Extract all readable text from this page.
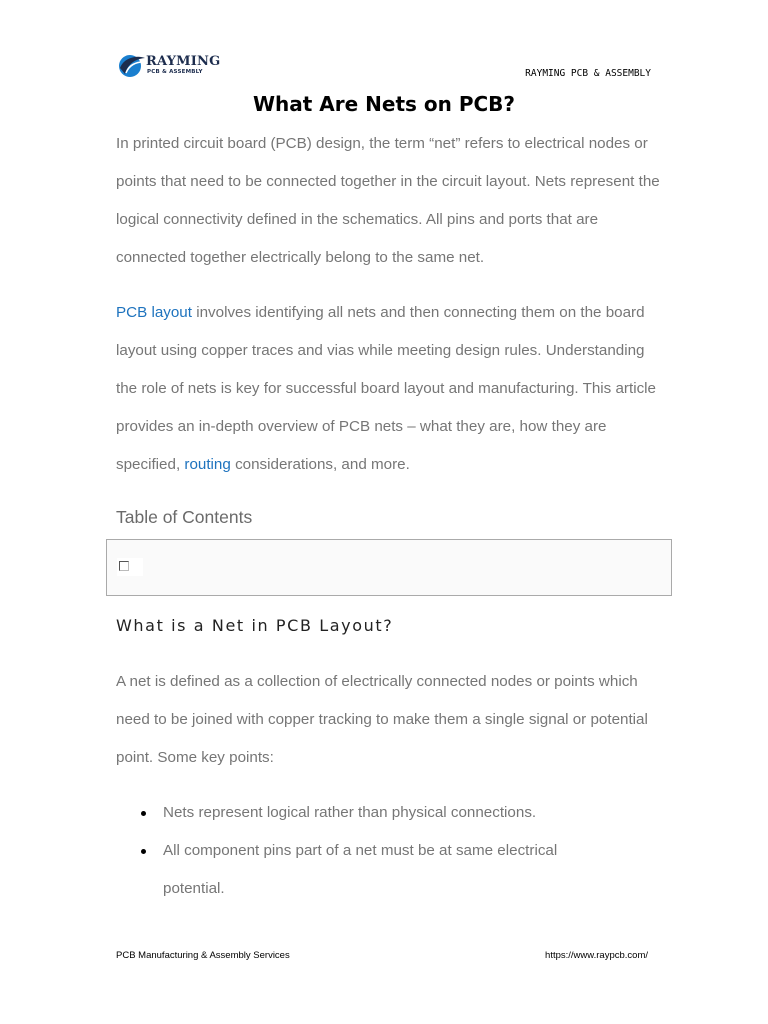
RAYMING
PCB & ASSEMBLY	RAYMING PCB & ASSEMBLY
What Are Nets on PCB?

In printed circuit board (PCB) design, the term “net” refers to electrical nodes or points that need to be connected together in the circuit layout. Nets represent the logical connectivity defined in the schematics. All pins and ports that are connected together electrically belong to the same net.

PCB layout involves identifying all nets and then connecting them on the board layout using copper traces and vias while meeting design rules. Understanding the role of nets is key for successful board layout and manufacturing. This article provides an in-depth overview of PCB nets – what they are, how they are specified, routing considerations, and more.

Table of Contents
What is a Net in PCB Layout?

A net is defined as a collection of electrically connected nodes or points which need to be joined with copper tracking to make them a single signal or potential point. Some key points:

Nets represent logical rather than physical connections.
All component pins part of a net must be at same electrical potential.
PCB Manufacturing & Assembly Services	https://www.raypcb.com/
